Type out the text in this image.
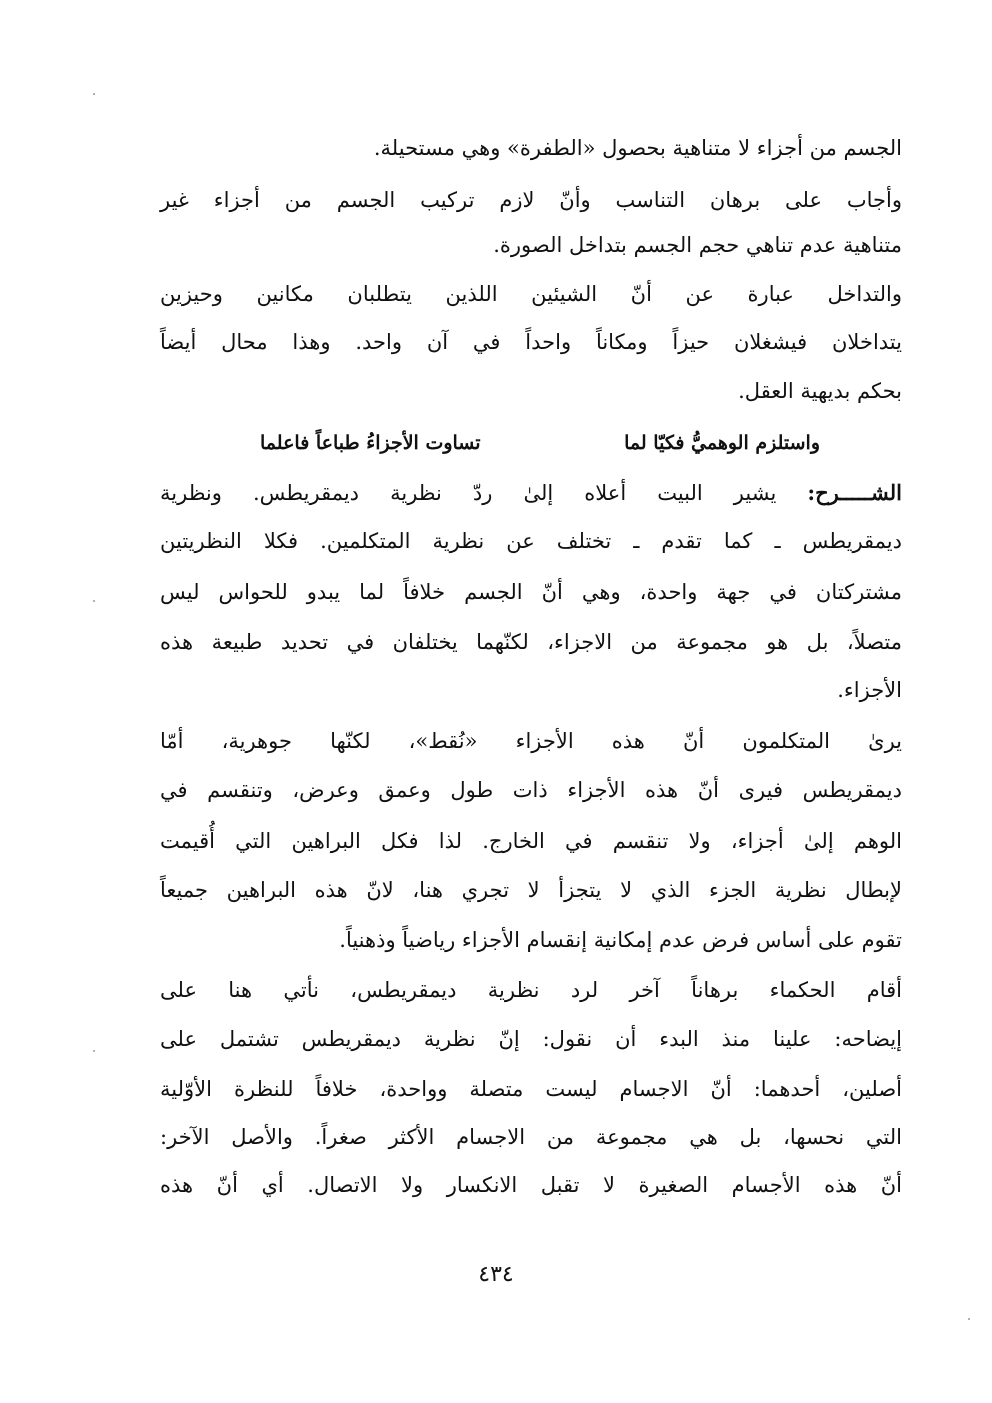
الجسم من أجزاء لا متناهية بحصول «الطفرة» وهي مستحيلة.
وأجاب على برهان التناسب وأنّ لازم تركيب الجسم من أجزاء غير
متناهية عدم تناهي حجم الجسم بتداخل الصورة.
والتداخل عبارة عن أنّ الشيئين اللذين يتطلبان مكانين وحيزين
يتداخلان فيشغلان حيزاً ومكاناً واحداً في آن واحد. وهذا محال أيضاً
بحكم بديهية العقل.
واستلزم الوهميُّ فكيّا لما
تساوت الأجزاءُ طباعاً فاعلما
الشـــــرح: يشير البيت أعلاه إلىٰ ردّ نظرية ديمقريطس. ونظرية
ديمقريطس ـ كما تقدم ـ تختلف عن نظرية المتكلمين. فكلا النظريتين
مشتركتان في جهة واحدة، وهي أنّ الجسم خلافاً لما يبدو للحواس ليس
متصلاً، بل هو مجموعة من الاجزاء، لكنّهما يختلفان في تحديد طبيعة هذه
الأجزاء.
يرىٰ المتكلمون أنّ هذه الأجزاء «نُقط»، لكنّها جوهرية، أمّا
ديمقريطس فيرى أنّ هذه الأجزاء ذات طول وعمق وعرض، وتنقسم في
الوهم إلىٰ أجزاء، ولا تنقسم في الخارج. لذا فكل البراهين التي أُقيمت
لإبطال نظرية الجزء الذي لا يتجزأ لا تجري هنا، لانّ هذه البراهين جميعاً
تقوم على أساس فرض عدم إمكانية إنقسام الأجزاء رياضياً وذهنياً.
أقام الحكماء برهاناً آخر لرد نظرية ديمقريطس، نأتي هنا على
إيضاحه: علينا منذ البدء أن نقول: إنّ نظرية ديمقريطس تشتمل على
أصلين، أحدهما: أنّ الاجسام ليست متصلة وواحدة، خلافاً للنظرة الأوّلية
التي نحسها، بل هي مجموعة من الاجسام الأكثر صغراً. والأصل الآخر:
أنّ هذه الأجسام الصغيرة لا تقبل الانكسار ولا الاتصال. أي أنّ هذه
٤٣٤
